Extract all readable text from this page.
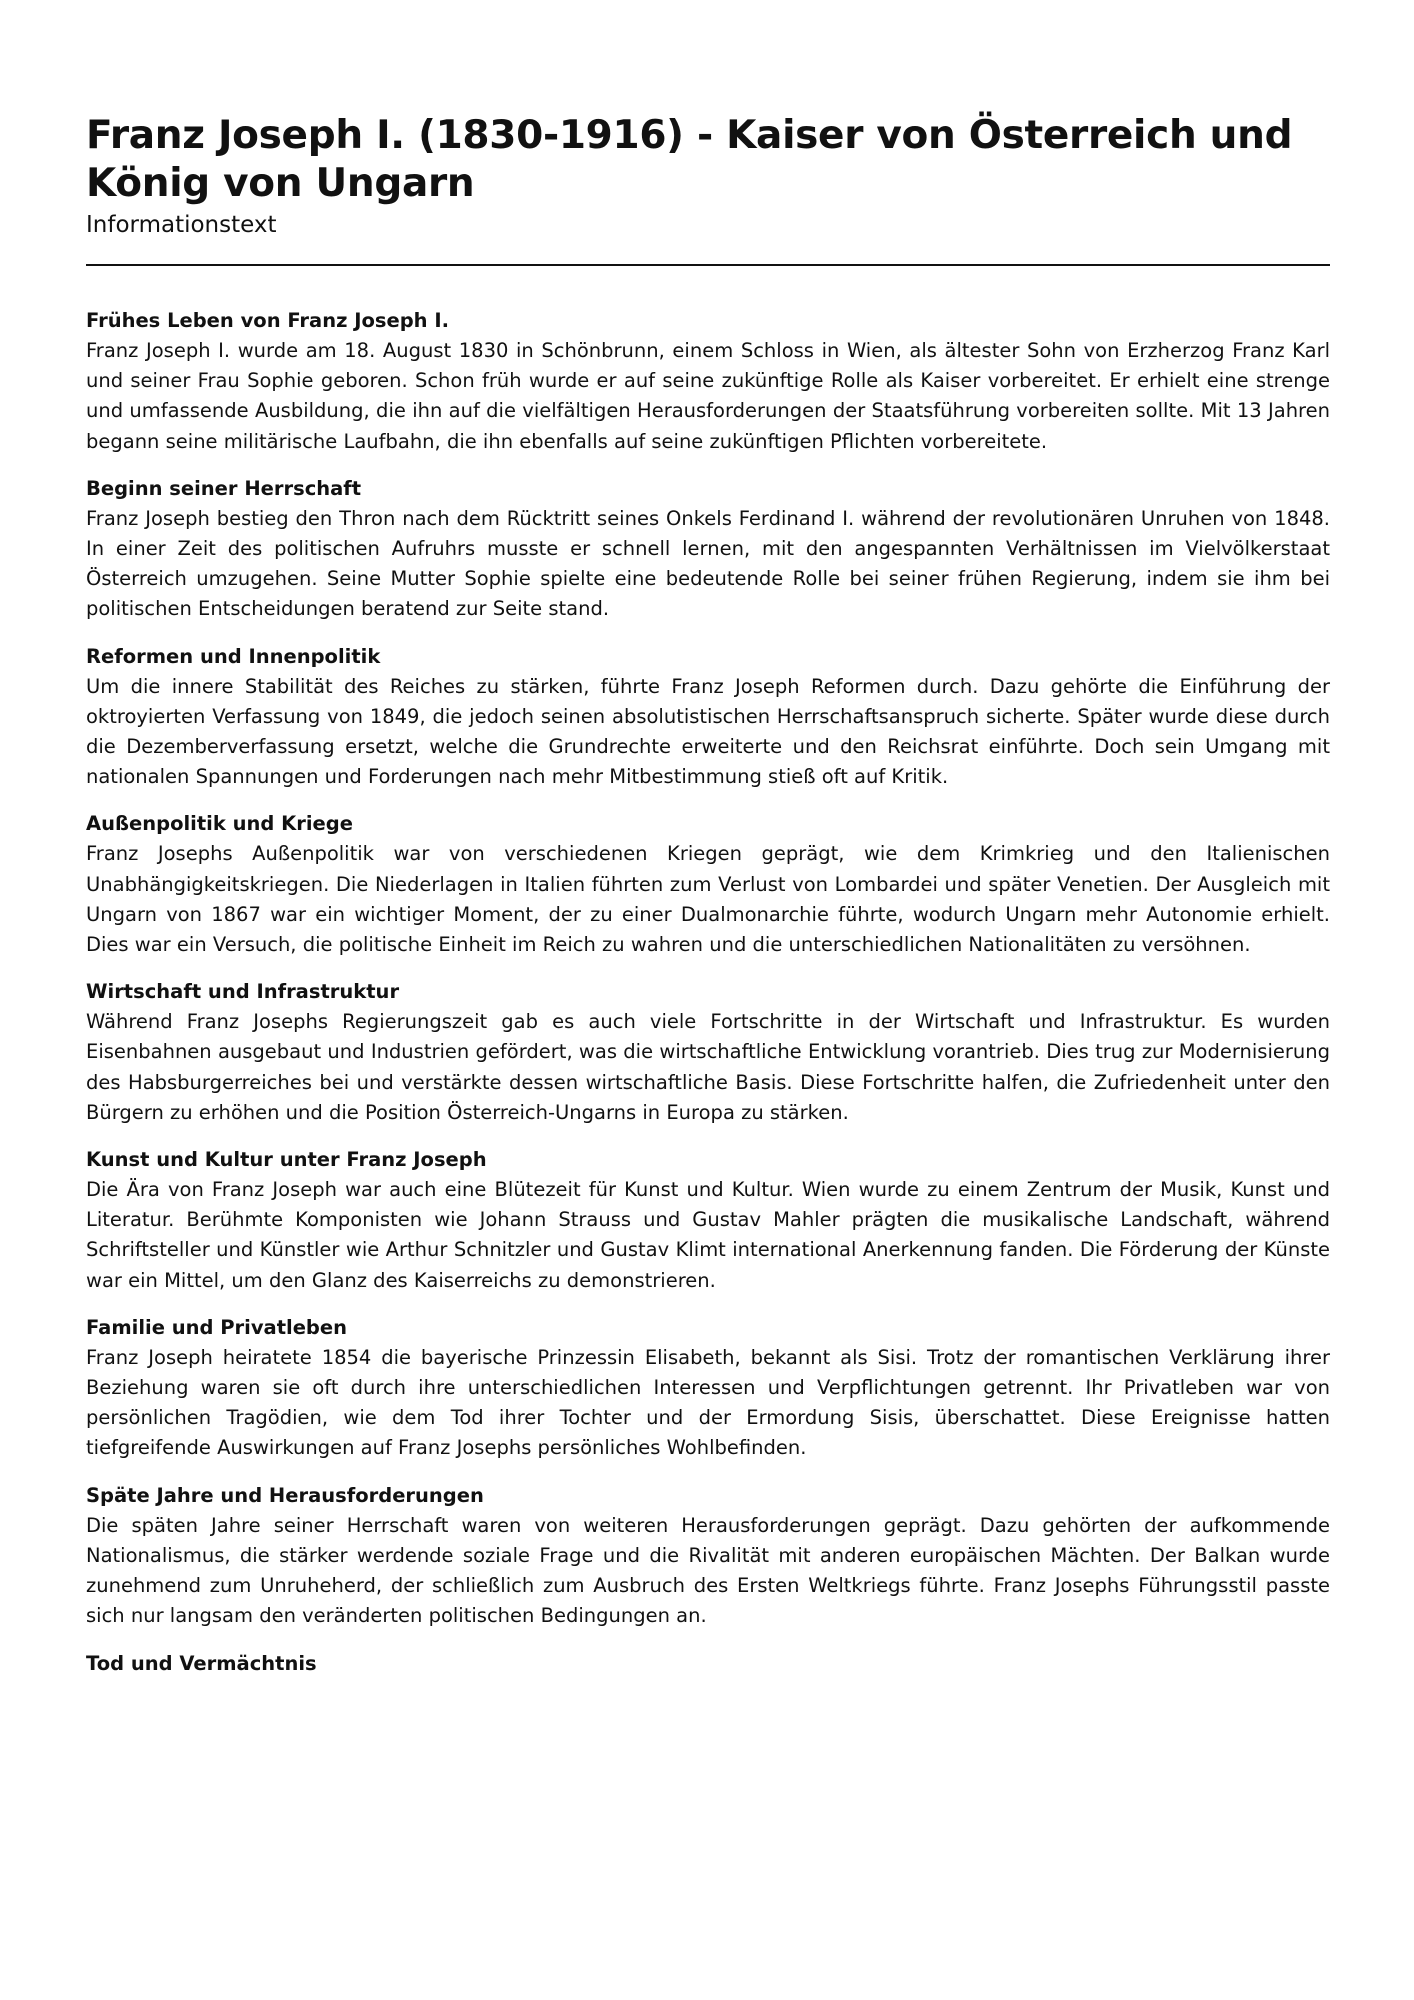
Franz Joseph I. (1830-1916) - Kaiser von Österreich und König von Ungarn
Informationstext
Frühes Leben von Franz Joseph I.

Franz Joseph I. wurde am 18. August 1830 in Schönbrunn, einem Schloss in Wien, als ältester Sohn von Erzherzog Franz Karl und seiner Frau Sophie geboren. Schon früh wurde er auf seine zukünftige Rolle als Kaiser vorbereitet. Er erhielt eine strenge und umfassende Ausbildung, die ihn auf die vielfältigen Herausforderungen der Staatsführung vorbereiten sollte. Mit 13 Jahren begann seine militärische Laufbahn, die ihn ebenfalls auf seine zukünftigen Pflichten vorbereitete.

Beginn seiner Herrschaft

Franz Joseph bestieg den Thron nach dem Rücktritt seines Onkels Ferdinand I. während der revolutionären Unruhen von 1848. In einer Zeit des politischen Aufruhrs musste er schnell lernen, mit den angespannten Verhältnissen im Vielvölkerstaat Österreich umzugehen. Seine Mutter Sophie spielte eine bedeutende Rolle bei seiner frühen Regierung, indem sie ihm bei politischen Entscheidungen beratend zur Seite stand.

Reformen und Innenpolitik

Um die innere Stabilität des Reiches zu stärken, führte Franz Joseph Reformen durch. Dazu gehörte die Einführung der oktroyierten Verfassung von 1849, die jedoch seinen absolutistischen Herrschaftsanspruch sicherte. Später wurde diese durch die Dezemberverfassung ersetzt, welche die Grundrechte erweiterte und den Reichsrat einführte. Doch sein Umgang mit nationalen Spannungen und Forderungen nach mehr Mitbestimmung stieß oft auf Kritik.

Außenpolitik und Kriege

Franz Josephs Außenpolitik war von verschiedenen Kriegen geprägt, wie dem Krimkrieg und den Italienischen Unabhängigkeitskriegen. Die Niederlagen in Italien führten zum Verlust von Lombardei und später Venetien. Der Ausgleich mit Ungarn von 1867 war ein wichtiger Moment, der zu einer Dualmonarchie führte, wodurch Ungarn mehr Autonomie erhielt. Dies war ein Versuch, die politische Einheit im Reich zu wahren und die unterschiedlichen Nationalitäten zu versöhnen.

Wirtschaft und Infrastruktur

Während Franz Josephs Regierungszeit gab es auch viele Fortschritte in der Wirtschaft und Infrastruktur. Es wurden Eisenbahnen ausgebaut und Industrien gefördert, was die wirtschaftliche Entwicklung vorantrieb. Dies trug zur Modernisierung des Habsburgerreiches bei und verstärkte dessen wirtschaftliche Basis. Diese Fortschritte halfen, die Zufriedenheit unter den Bürgern zu erhöhen und die Position Österreich-Ungarns in Europa zu stärken.

Kunst und Kultur unter Franz Joseph

Die Ära von Franz Joseph war auch eine Blütezeit für Kunst und Kultur. Wien wurde zu einem Zentrum der Musik, Kunst und Literatur. Berühmte Komponisten wie Johann Strauss und Gustav Mahler prägten die musikalische Landschaft, während Schriftsteller und Künstler wie Arthur Schnitzler und Gustav Klimt international Anerkennung fanden. Die Förderung der Künste war ein Mittel, um den Glanz des Kaiserreichs zu demonstrieren.

Familie und Privatleben

Franz Joseph heiratete 1854 die bayerische Prinzessin Elisabeth, bekannt als Sisi. Trotz der romantischen Verklärung ihrer Beziehung waren sie oft durch ihre unterschiedlichen Interessen und Verpflichtungen getrennt. Ihr Privatleben war von persönlichen Tragödien, wie dem Tod ihrer Tochter und der Ermordung Sisis, überschattet. Diese Ereignisse hatten tiefgreifende Auswirkungen auf Franz Josephs persönliches Wohlbefinden.

Späte Jahre und Herausforderungen

Die späten Jahre seiner Herrschaft waren von weiteren Herausforderungen geprägt. Dazu gehörten der aufkommende Nationalismus, die stärker werdende soziale Frage und die Rivalität mit anderen europäischen Mächten. Der Balkan wurde zunehmend zum Unruheherd, der schließlich zum Ausbruch des Ersten Weltkriegs führte. Franz Josephs Führungsstil passte sich nur langsam den veränderten politischen Bedingungen an.

Tod und Vermächtnis
